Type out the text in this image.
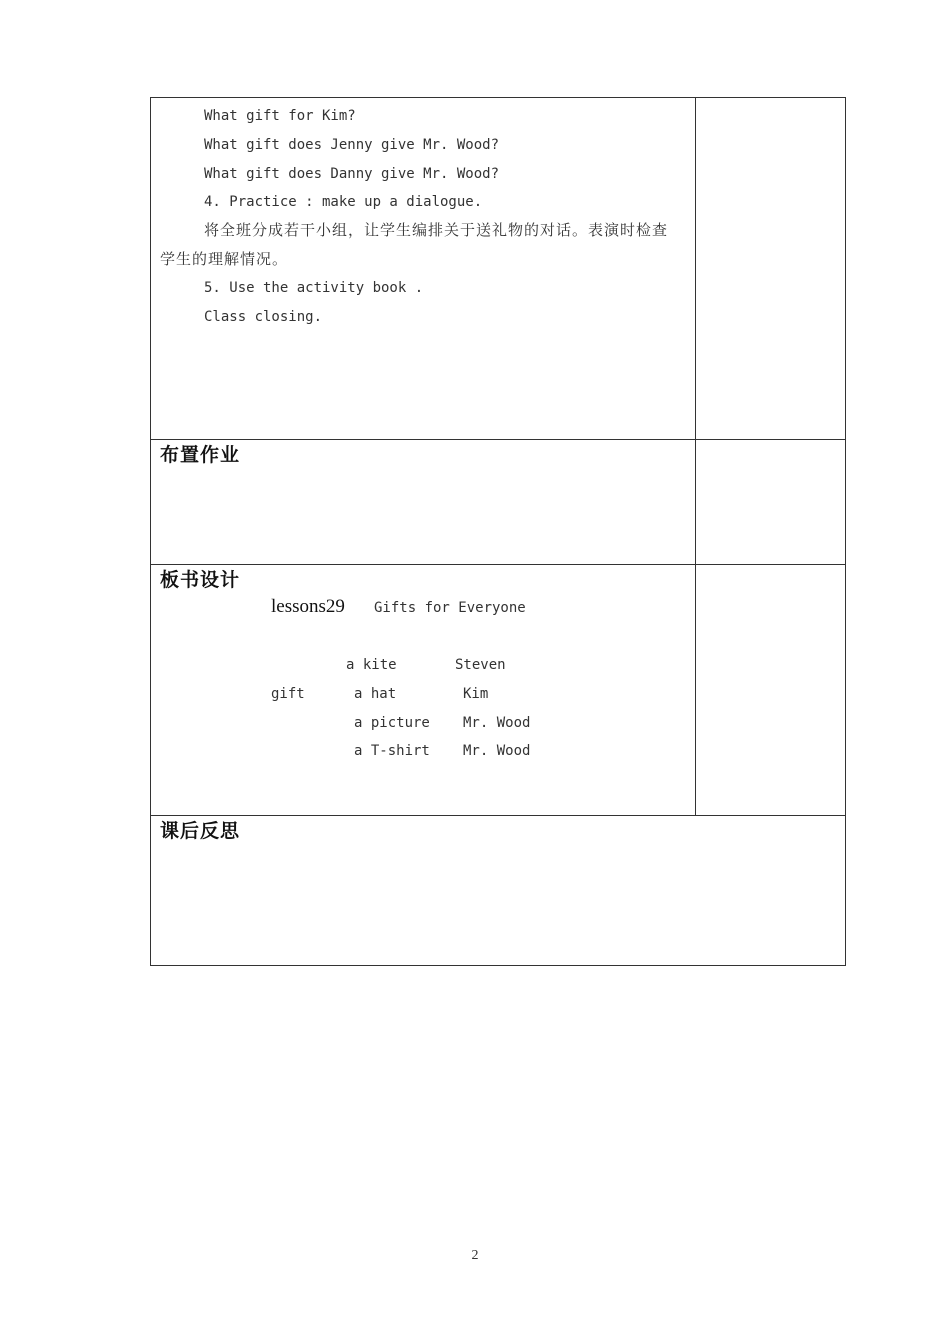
What gift for Kim?
What gift does Jenny give Mr. Wood?
What gift does Danny give Mr. Wood?
4. Practice : make up a dialogue.
将全班分成若干小组，让学生编排关于送礼物的对话。表演时检查
学生的理解情况。
5. Use the activity book .
Class closing.
布置作业
板书设计
lessons29 Gifts for Everyone
a kite	Steven
gift	a hat	Kim
a picture Mr. Wood
a T-shirt Mr. Wood
课后反思
2
